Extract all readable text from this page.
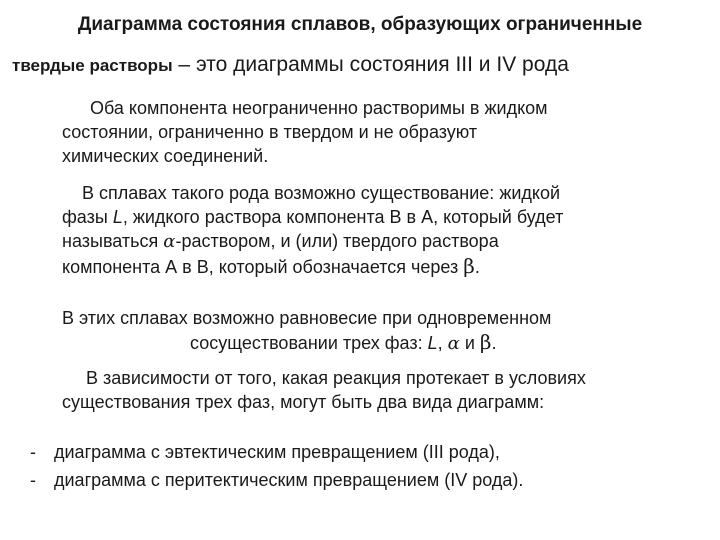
Диаграмма состояния сплавов, образующих ограниченные
твердые растворы – это диаграммы состояния III и IV рода
Оба компонента неограниченно растворимы в жидком
состоянии, ограниченно в твердом и не образуют
химических соединений.
В сплавах такого рода возможно существование: жидкой
фазы L, жидкого раствора компонента В в А, который будет
называться α-раствором, и (или) твердого раствора
компонента А в В, который обозначается через β.
В этих сплавах возможно равновесие при одновременном
сосуществовании трех фаз: L, α и β.
В зависимости от того, какая реакция протекает в условиях
существования трех фаз, могут быть два вида диаграмм:
-	диаграмма с эвтектическим превращением (III рода),
-	диаграмма с перитектическим превращением (IV рода).
